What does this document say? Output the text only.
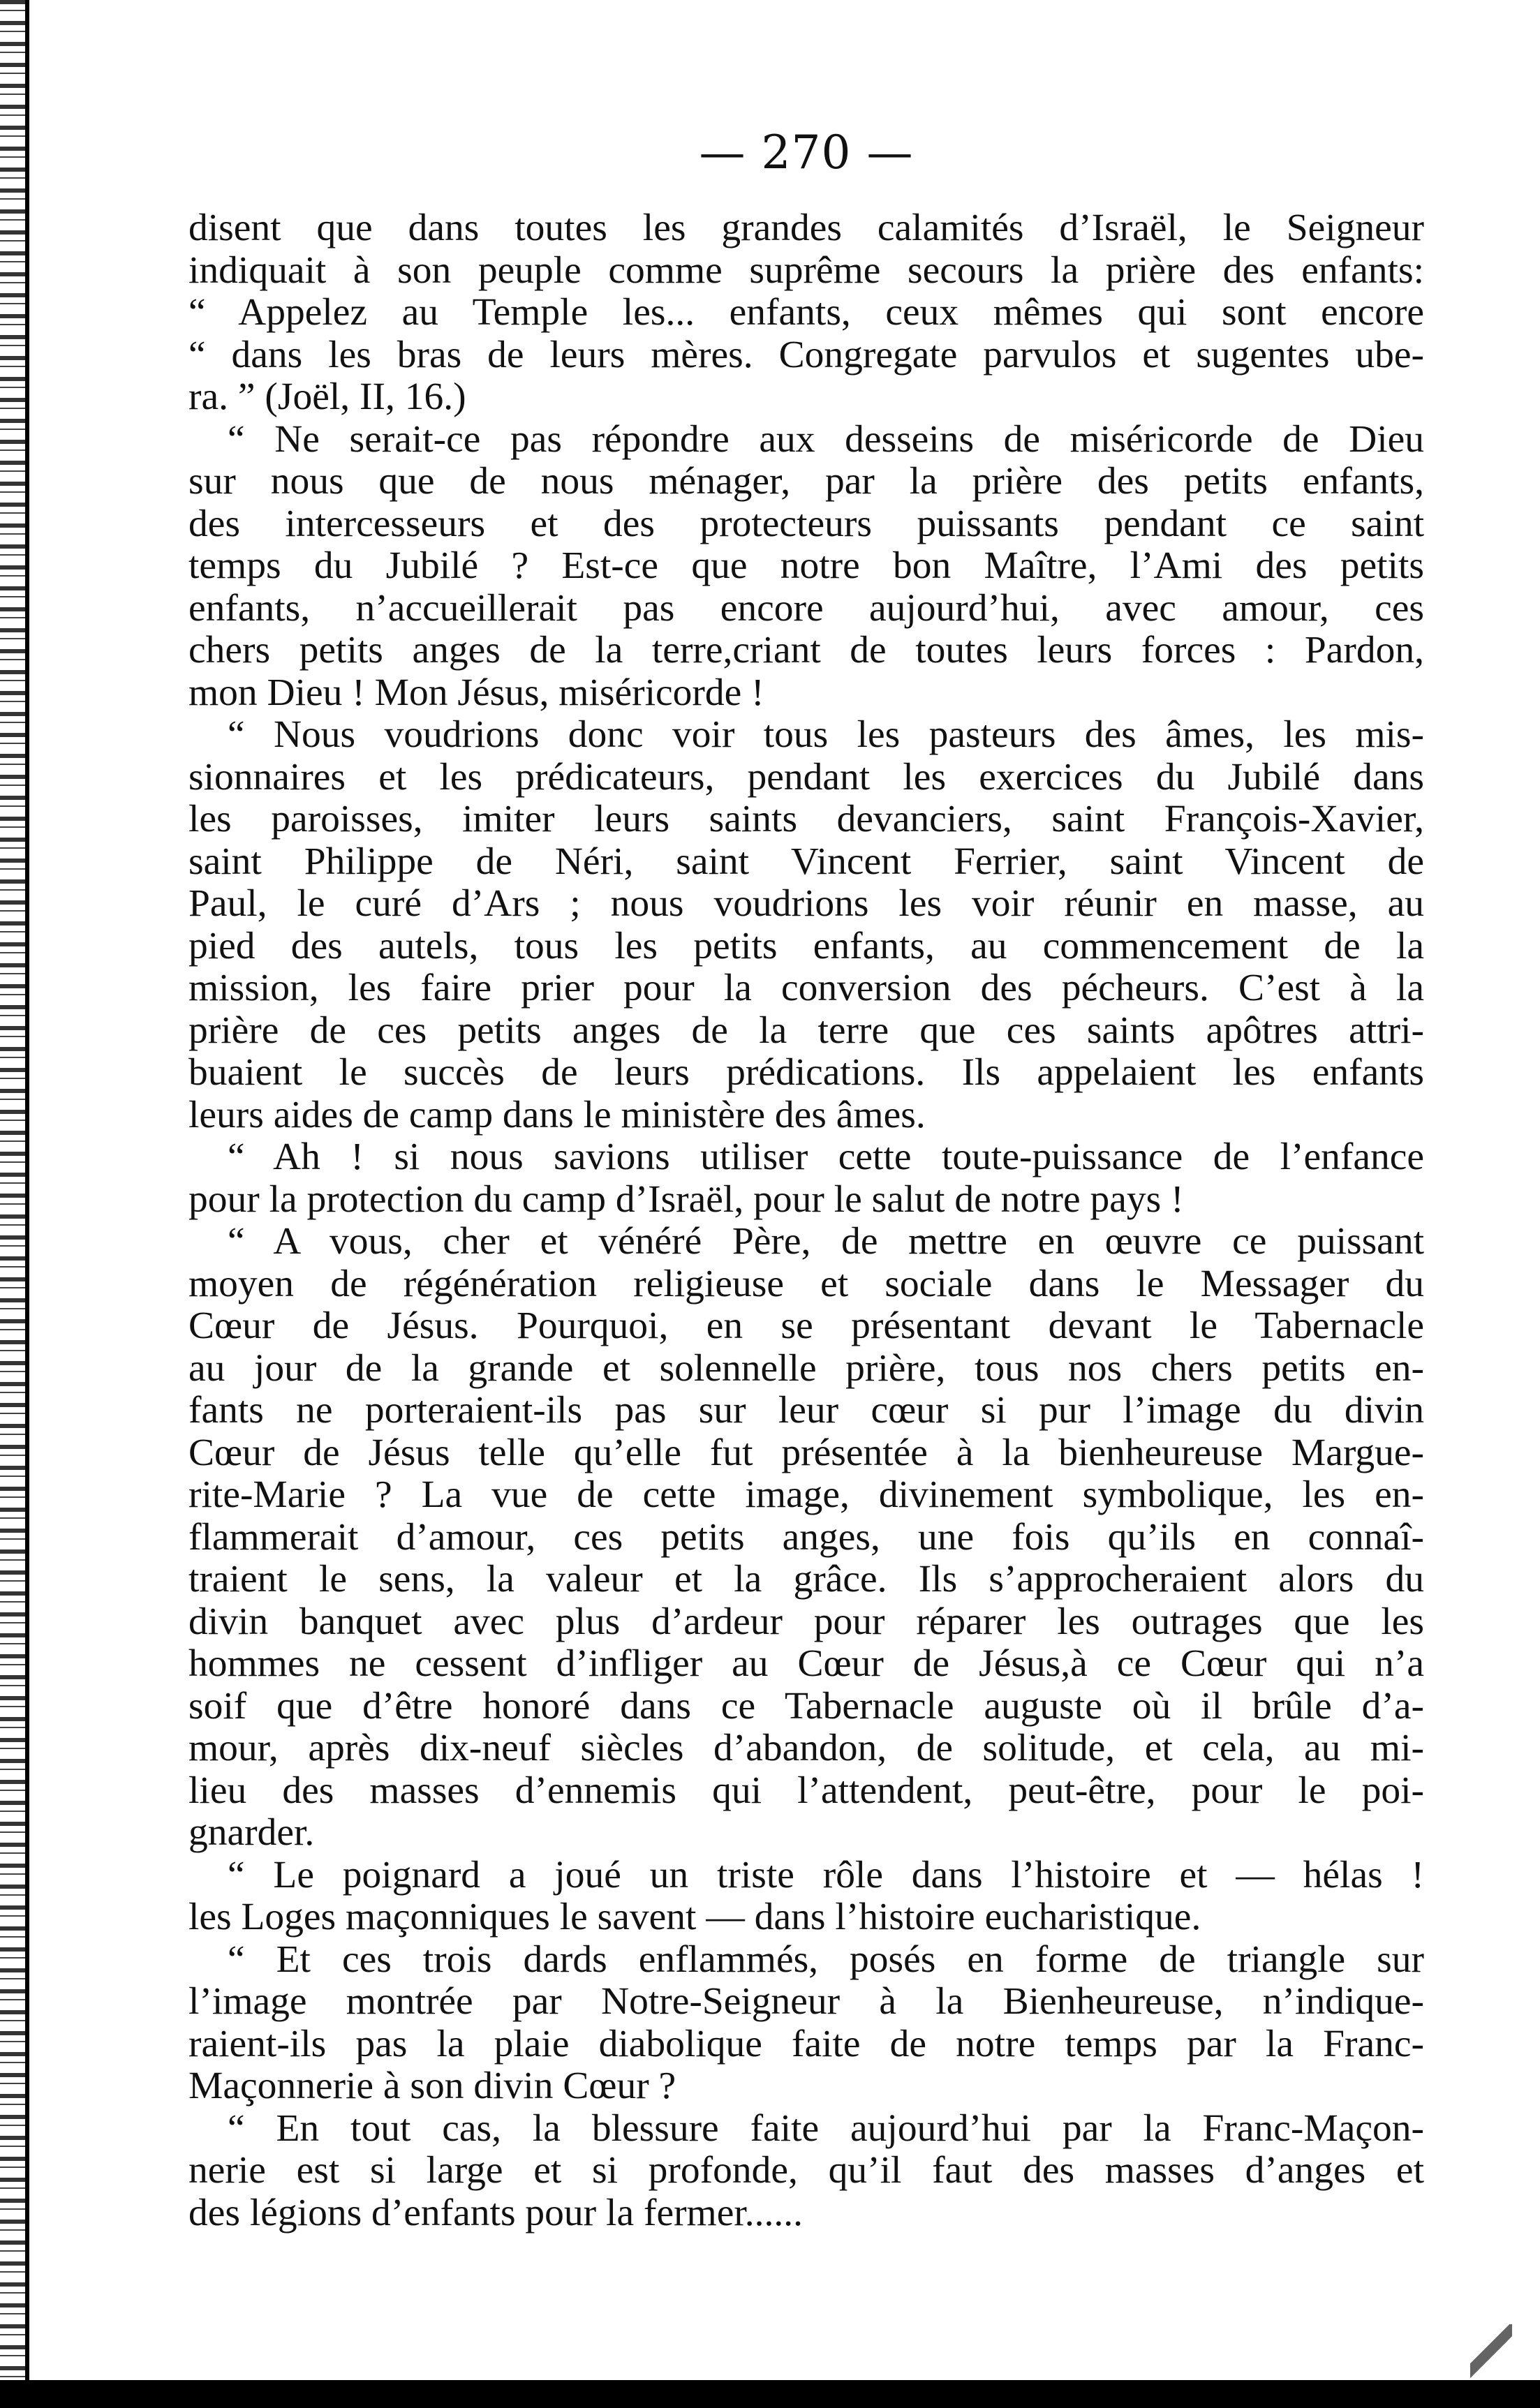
— 270 —
disent que dans toutes les grandes calamités d’Israël, le Seigneur
indiquait à son peuple comme suprême secours la prière des enfants:
“ Appelez au Temple les... enfants, ceux mêmes qui sont encore
“ dans les bras de leurs mères. Congregate parvulos et sugentes ube-
ra. ” (Joël, II, 16.)
“ Ne serait-ce pas répondre aux desseins de miséricorde de Dieu
sur nous que de nous ménager, par la prière des petits enfants,
des intercesseurs et des protecteurs puissants pendant ce saint
temps du Jubilé ? Est-ce que notre bon Maître, l’Ami des petits
enfants, n’accueillerait pas encore aujourd’hui, avec amour, ces
chers petits anges de la terre,criant de toutes leurs forces : Pardon,
mon Dieu ! Mon Jésus, miséricorde !
“ Nous voudrions donc voir tous les pasteurs des âmes, les mis-
sionnaires et les prédicateurs, pendant les exercices du Jubilé dans
les paroisses, imiter leurs saints devanciers, saint François-Xavier,
saint Philippe de Néri, saint Vincent Ferrier, saint Vincent de
Paul, le curé d’Ars ; nous voudrions les voir réunir en masse, au
pied des autels, tous les petits enfants, au commencement de la
mission, les faire prier pour la conversion des pécheurs. C’est à la
prière de ces petits anges de la terre que ces saints apôtres attri-
buaient le succès de leurs prédications. Ils appelaient les enfants
leurs aides de camp dans le ministère des âmes.
“ Ah ! si nous savions utiliser cette toute-puissance de l’enfance
pour la protection du camp d’Israël, pour le salut de notre pays !
“ A vous, cher et vénéré Père, de mettre en œuvre ce puissant
moyen de régénération religieuse et sociale dans le Messager du
Cœur de Jésus. Pourquoi, en se présentant devant le Tabernacle
au jour de la grande et solennelle prière, tous nos chers petits en-
fants ne porteraient-ils pas sur leur cœur si pur l’image du divin
Cœur de Jésus telle qu’elle fut présentée à la bienheureuse Margue-
rite-Marie ? La vue de cette image, divinement symbolique, les en-
flammerait d’amour, ces petits anges, une fois qu’ils en connaî-
traient le sens, la valeur et la grâce. Ils s’approcheraient alors du
divin banquet avec plus d’ardeur pour réparer les outrages que les
hommes ne cessent d’infliger au Cœur de Jésus,à ce Cœur qui n’a
soif que d’être honoré dans ce Tabernacle auguste où il brûle d’a-
mour, après dix-neuf siècles d’abandon, de solitude, et cela, au mi-
lieu des masses d’ennemis qui l’attendent, peut-être, pour le poi-
gnarder.
“ Le poignard a joué un triste rôle dans l’histoire et — hélas !
les Loges maçonniques le savent — dans l’histoire eucharistique.
“ Et ces trois dards enflammés, posés en forme de triangle sur
l’image montrée par Notre-Seigneur à la Bienheureuse, n’indique-
raient-ils pas la plaie diabolique faite de notre temps par la Franc-
Maçonnerie à son divin Cœur ?
“ En tout cas, la blessure faite aujourd’hui par la Franc-Maçon-
nerie est si large et si profonde, qu’il faut des masses d’anges et
des légions d’enfants pour la fermer......
